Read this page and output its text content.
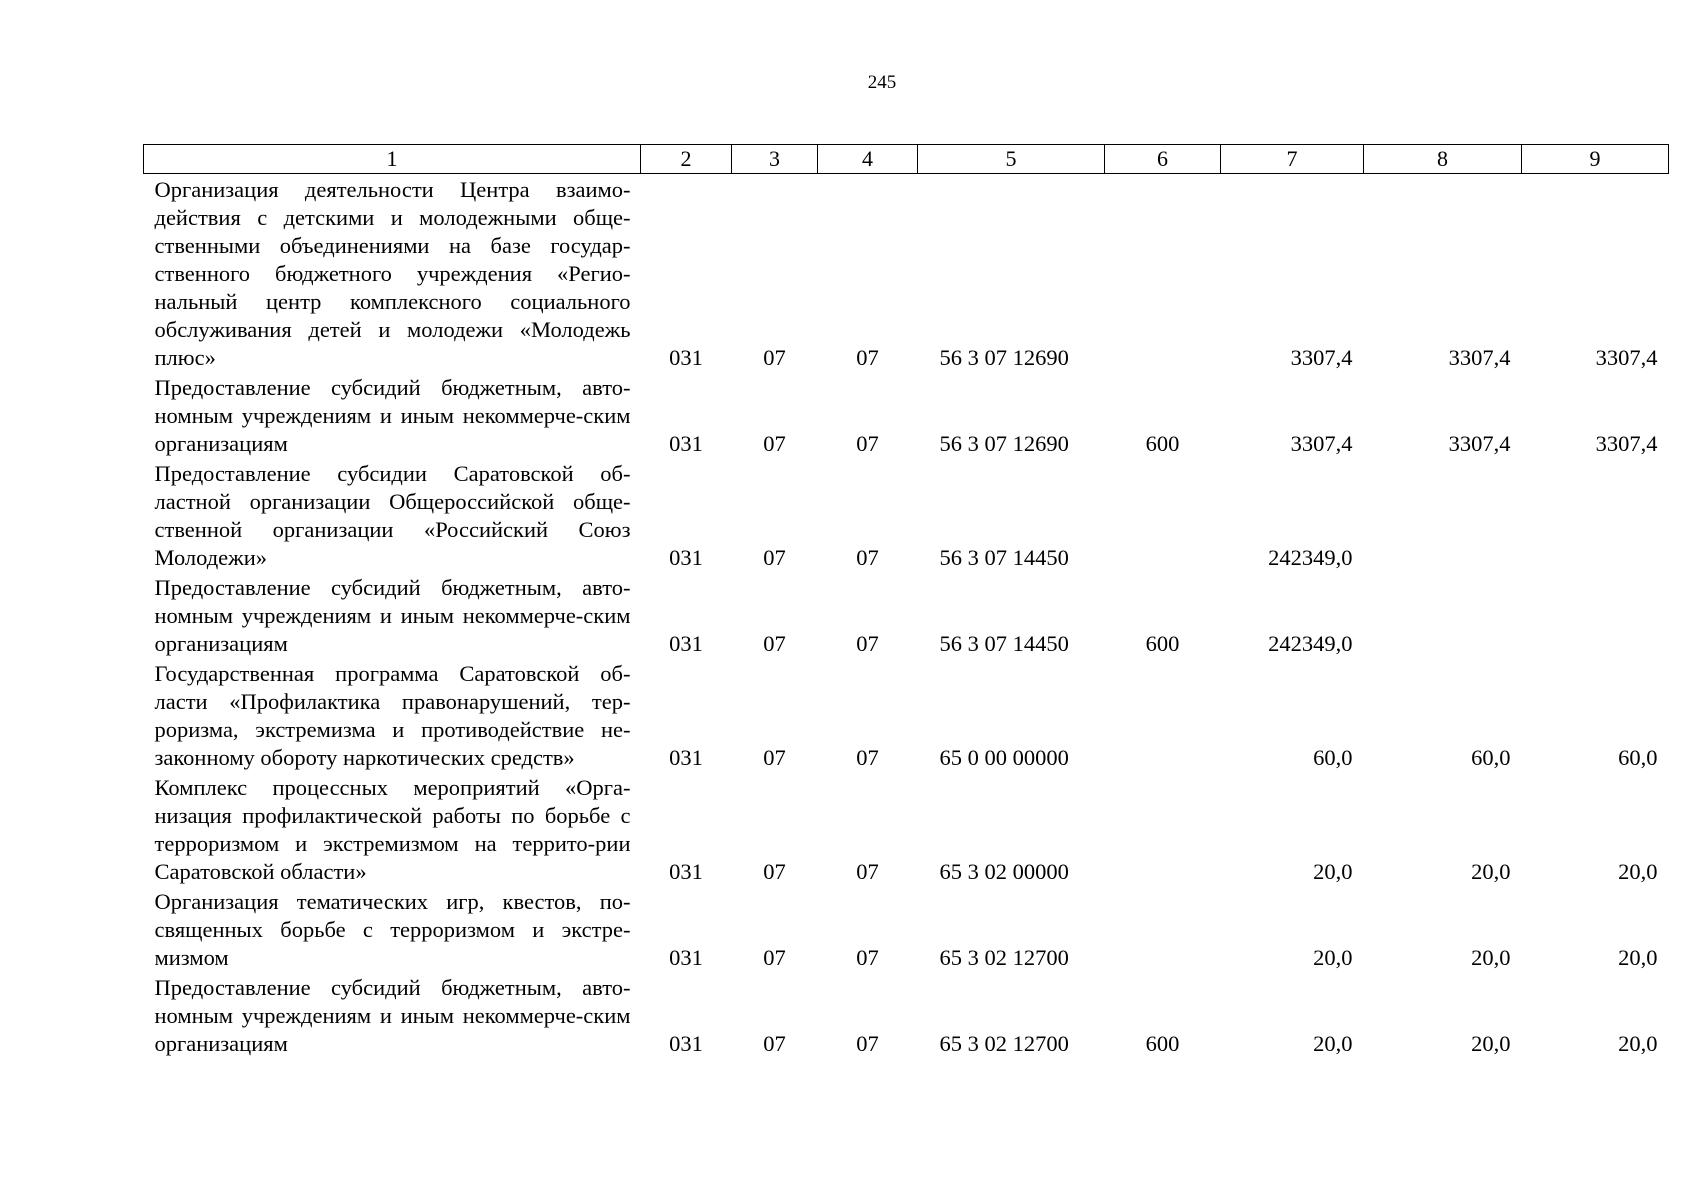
245
1	2	3	4	5	6	7	8	9
Организация деятельности Центра взаимо-действия с детскими и молодежными обще-ственными объединениями на базе государ-ственного бюджетного учреждения «Регио-нальный центр комплексного социального обслуживания детей и молодежи «Молодежь плюс»	031	07	07	56 3 07 12690		3307,4	3307,4	3307,4
Предоставление субсидий бюджетным, авто-номным учреждениям и иным некоммерче-ским организациям	031	07	07	56 3 07 12690	600	3307,4	3307,4	3307,4
Предоставление субсидии Саратовской об-ластной организации Общероссийской обще-ственной организации «Российский Союз Молодежи»	031	07	07	56 3 07 14450		242349,0		
Предоставление субсидий бюджетным, авто-номным учреждениям и иным некоммерче-ским организациям	031	07	07	56 3 07 14450	600	242349,0		
Государственная программа Саратовской об-ласти «Профилактика правонарушений, тер-роризма, экстремизма и противодействие не-законному обороту наркотических средств»	031	07	07	65 0 00 00000		60,0	60,0	60,0
Комплекс процессных мероприятий «Орга-низация профилактической работы по борьбе с терроризмом и экстремизмом на террито-рии Саратовской области»	031	07	07	65 3 02 00000		20,0	20,0	20,0
Организация тематических игр, квестов, по-священных борьбе с терроризмом и экстре-мизмом	031	07	07	65 3 02 12700		20,0	20,0	20,0
Предоставление субсидий бюджетным, авто-номным учреждениям и иным некоммерче-ским организациям	031	07	07	65 3 02 12700	600	20,0	20,0	20,0
